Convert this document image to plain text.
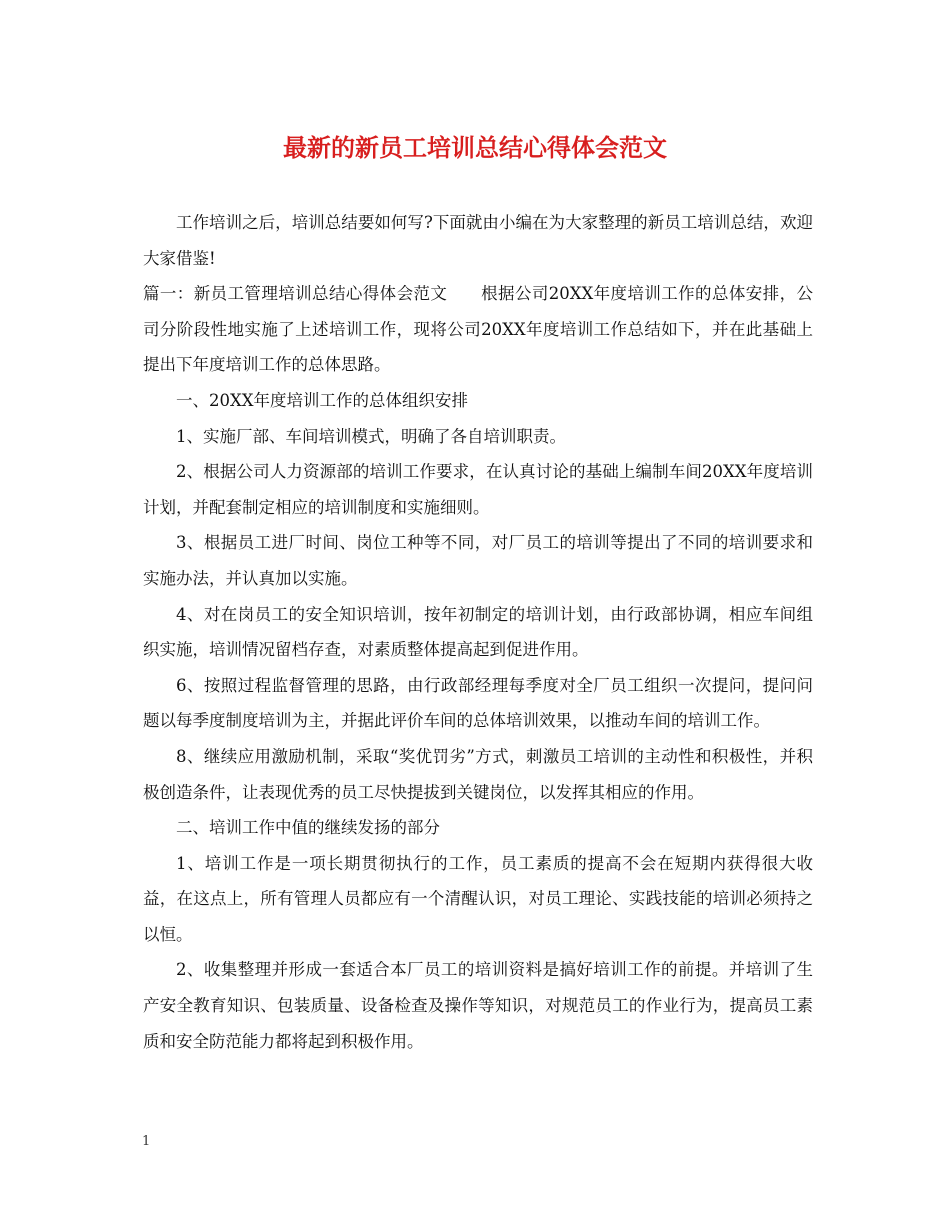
最新的新员工培训总结心得体会范文

工作培训之后，培训总结要如何写?下面就由小编在为大家整理的新员工培训总结，欢迎大家借鉴!

篇一：新员工管理培训总结心得体会范文　　根据公司20XX年度培训工作的总体安排，公司分阶段性地实施了上述培训工作，现将公司20XX年度培训工作总结如下，并在此基础上提出下年度培训工作的总体思路。

一、20XX年度培训工作的总体组织安排

1、实施厂部、车间培训模式，明确了各自培训职责。

2、根据公司人力资源部的培训工作要求，在认真讨论的基础上编制车间20XX年度培训计划，并配套制定相应的培训制度和实施细则。

3、根据员工进厂时间、岗位工种等不同，对厂员工的培训等提出了不同的培训要求和实施办法，并认真加以实施。

4、对在岗员工的安全知识培训，按年初制定的培训计划，由行政部协调，相应车间组织实施，培训情况留档存查，对素质整体提高起到促进作用。

6、按照过程监督管理的思路，由行政部经理每季度对全厂员工组织一次提问，提问问题以每季度制度培训为主，并据此评价车间的总体培训效果，以推动车间的培训工作。

8、继续应用激励机制，采取“奖优罚劣”方式，刺激员工培训的主动性和积极性，并积极创造条件，让表现优秀的员工尽快提拔到关键岗位，以发挥其相应的作用。

二、培训工作中值的继续发扬的部分

1、培训工作是一项长期贯彻执行的工作，员工素质的提高不会在短期内获得很大收益，在这点上，所有管理人员都应有一个清醒认识，对员工理论、实践技能的培训必须持之以恒。

2、收集整理并形成一套适合本厂员工的培训资料是搞好培训工作的前提。并培训了生产安全教育知识、包装质量、设备检查及操作等知识，对规范员工的作业行为，提高员工素质和安全防范能力都将起到积极作用。

1
